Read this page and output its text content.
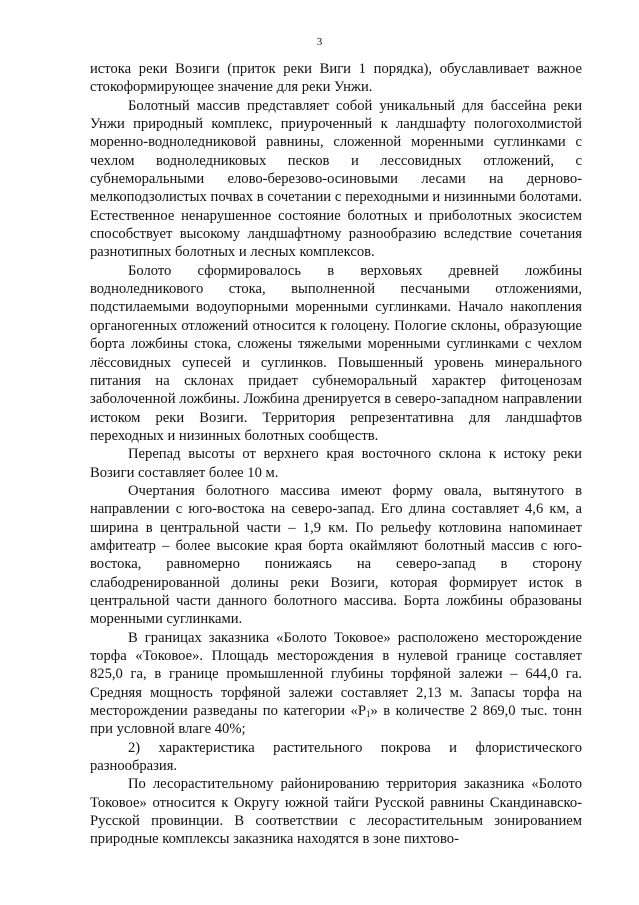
3

истока реки Возиги (приток реки Виги 1 порядка), обуславливает важное стокоформирующее значение для реки Унжи.

Болотный массив представляет собой уникальный для бассейна реки Унжи природный комплекс, приуроченный к ландшафту пологохолмистой моренно-водноледниковой равнины, сложенной моренными суглинками с чехлом водноледниковых песков и лессовидных отложений, с субнеморальными елово-березово-осиновыми лесами на дерново-мелкоподзолистых почвах в сочетании с переходными и низинными болотами. Естественное ненарушенное состояние болотных и приболотных экосистем способствует высокому ландшафтному разнообразию вследствие сочетания разнотипных болотных и лесных комплексов.

Болото сформировалось в верховьях древней ложбины водноледникового стока, выполненной песчаными отложениями, подстилаемыми водоупорными моренными суглинками. Начало накопления органогенных отложений относится к голоцену. Пологие склоны, образующие борта ложбины стока, сложены тяжелыми моренными суглинками с чехлом лёссовидных супесей и суглинков. Повышенный уровень минерального питания на склонах придает субнеморальный характер фитоценозам заболоченной ложбины. Ложбина дренируется в северо-западном направлении истоком реки Возиги. Территория репрезентативна для ландшафтов переходных и низинных болотных сообществ.

Перепад высоты от верхнего края восточного склона к истоку реки Возиги составляет более 10 м.

Очертания болотного массива имеют форму овала, вытянутого в направлении с юго-востока на северо-запад. Его длина составляет 4,6 км, а ширина в центральной части – 1,9 км. По рельефу котловина напоминает амфитеатр – более высокие края борта окаймляют болотный массив с юго-востока, равномерно понижаясь на северо-запад в сторону слабодренированной долины реки Возиги, которая формирует исток в центральной части данного болотного массива. Борта ложбины образованы моренными суглинками.

В границах заказника «Болото Токовое» расположено месторождение торфа «Токовое». Площадь месторождения в нулевой границе составляет 825,0 га, в границе промышленной глубины торфяной залежи – 644,0 га. Средняя мощность торфяной залежи составляет 2,13 м. Запасы торфа на месторождении разведаны по категории «$Р_1$» в количестве 2 869,0 тыс. тонн при условной влаге 40%;

2) характеристика растительного покрова и флористического разнообразия.

По лесорастительному районированию территория заказника «Болото Токовое» относится к Округу южной тайги Русской равнины Скандинавско-Русской провинции. В соответствии с лесорастительным зонированием природные комплексы заказника находятся в зоне пихтово-
